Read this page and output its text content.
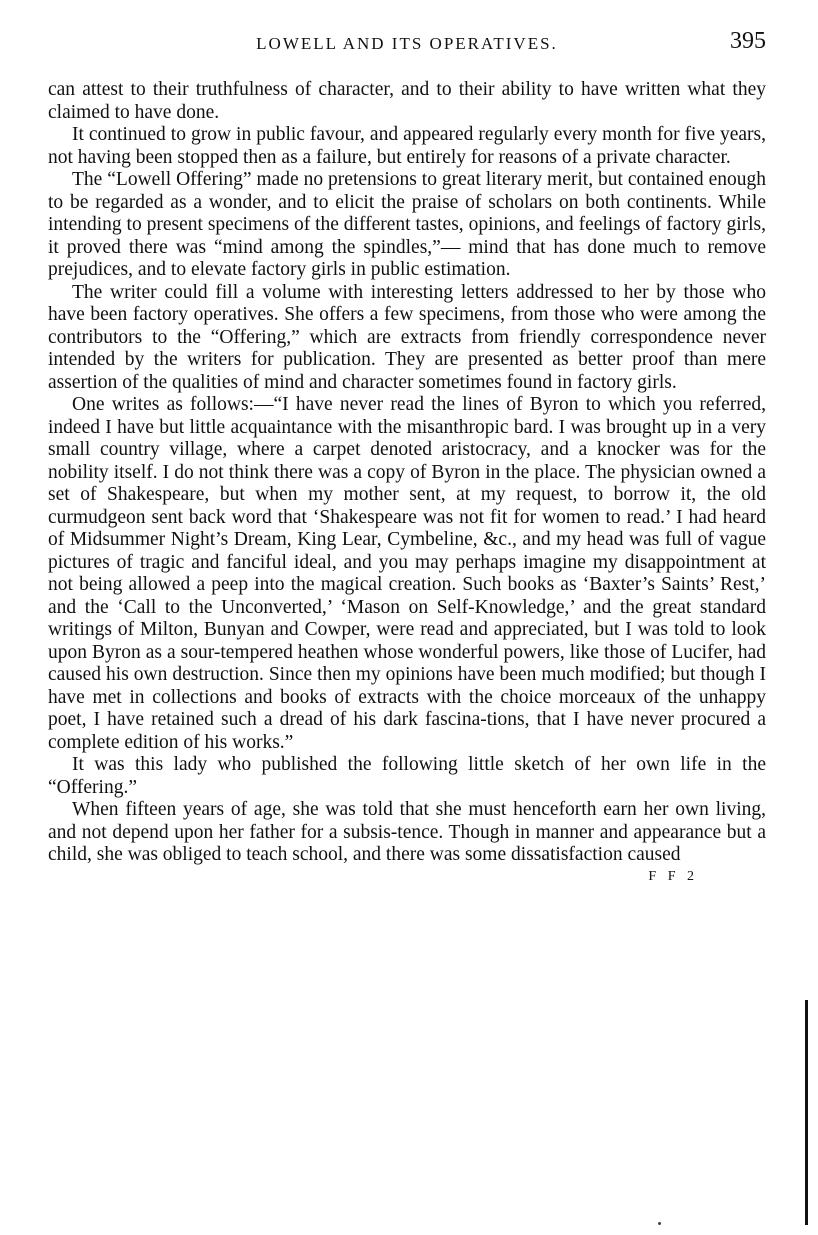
LOWELL AND ITS OPERATIVES.	395

can attest to their truthfulness of character, and to their ability to have written what they claimed to have done.

It continued to grow in public favour, and appeared regularly every month for five years, not having been stopped then as a failure, but entirely for reasons of a private character.

The “Lowell Offering” made no pretensions to great literary merit, but contained enough to be regarded as a wonder, and to elicit the praise of scholars on both continents. While intending to present specimens of the different tastes, opinions, and feelings of factory girls, it proved there was “mind among the spindles,”— mind that has done much to remove prejudices, and to elevate factory girls in public estimation.

The writer could fill a volume with interesting letters addressed to her by those who have been factory operatives. She offers a few specimens, from those who were among the contributors to the “Offering,” which are extracts from friendly correspondence never intended by the writers for publication. They are presented as better proof than mere assertion of the qualities of mind and character sometimes found in factory girls.

One writes as follows:—“I have never read the lines of Byron to which you referred, indeed I have but little acquaintance with the misanthropic bard. I was brought up in a very small country village, where a carpet denoted aristocracy, and a knocker was for the nobility itself. I do not think there was a copy of Byron in the place. The physician owned a set of Shakespeare, but when my mother sent, at my request, to borrow it, the old curmudgeon sent back word that ‘Shakespeare was not fit for women to read.’ I had heard of Midsummer Night’s Dream, King Lear, Cymbeline, &c., and my head was full of vague pictures of tragic and fanciful ideal, and you may perhaps imagine my disappointment at not being allowed a peep into the magical creation. Such books as ‘Baxter’s Saints’ Rest,’ and the ‘Call to the Unconverted,’ ‘Mason on Self-Knowledge,’ and the great standard writings of Milton, Bunyan and Cowper, were read and appreciated, but I was told to look upon Byron as a sour-tempered heathen whose wonderful powers, like those of Lucifer, had caused his own destruction. Since then my opinions have been much modified; but though I have met in collections and books of extracts with the choice morceaux of the unhappy poet, I have retained such a dread of his dark fascina-tions, that I have never procured a complete edition of his works.”

It was this lady who published the following little sketch of her own life in the “Offering.”

When fifteen years of age, she was told that she must henceforth earn her own living, and not depend upon her father for a subsis-tence. Though in manner and appearance but a child, she was obliged to teach school, and there was some dissatisfaction caused

F F 2
